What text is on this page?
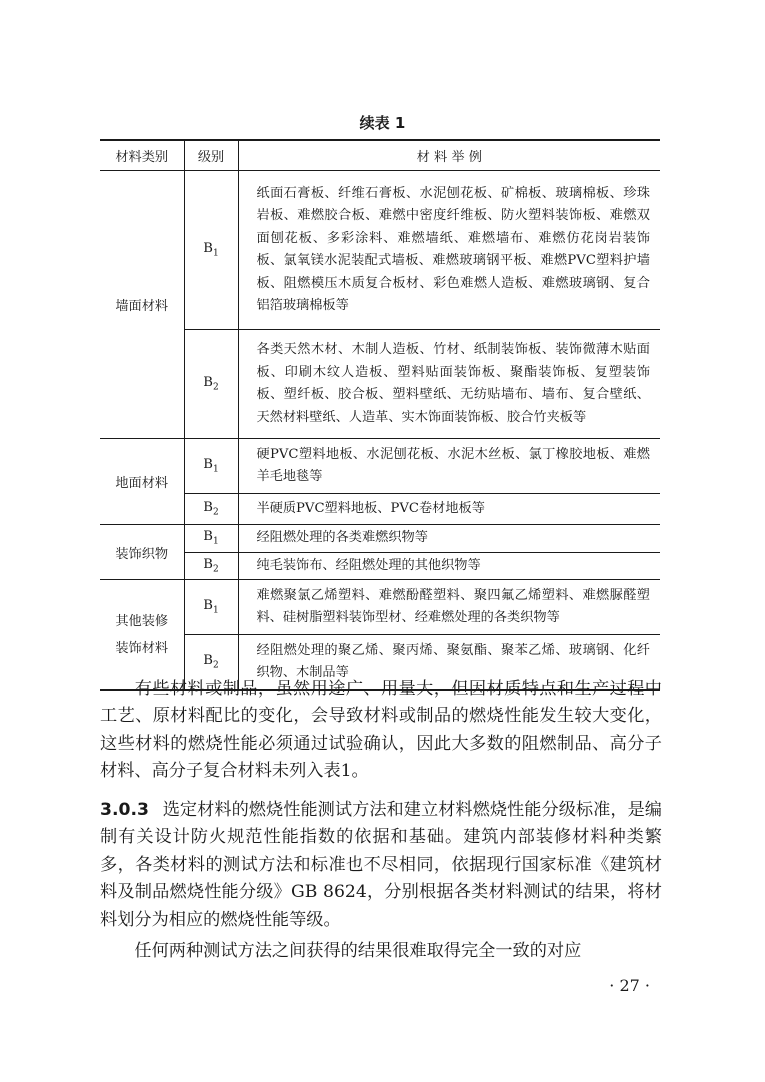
续表 1
材料类别	级别	材 料 举 例
墙面材料	$B_1$	纸面石膏板、纤维石膏板、水泥刨花板、矿棉板、玻璃棉板、珍珠岩板、难燃胶合板、难燃中密度纤维板、防火塑料装饰板、难燃双面刨花板、多彩涂料、难燃墙纸、难燃墙布、难燃仿花岗岩装饰板、氯氧镁水泥装配式墙板、难燃玻璃钢平板、难燃PVC塑料护墙板、阻燃模压木质复合板材、彩色难燃人造板、难燃玻璃钢、复合铝箔玻璃棉板等
	$B_2$	各类天然木材、木制人造板、竹材、纸制装饰板、装饰微薄木贴面板、印刷木纹人造板、塑料贴面装饰板、聚酯装饰板、复塑装饰板、塑纤板、胶合板、塑料壁纸、无纺贴墙布、墙布、复合壁纸、天然材料壁纸、人造革、实木饰面装饰板、胶合竹夹板等
地面材料	$B_1$	硬PVC塑料地板、水泥刨花板、水泥木丝板、氯丁橡胶地板、难燃羊毛地毯等
	$B_2$	半硬质PVC塑料地板、PVC卷材地板等
装饰织物	$B_1$	经阻燃处理的各类难燃织物等
	$B_2$	纯毛装饰布、经阻燃处理的其他织物等
其他装修
装饰材料	$B_1$	难燃聚氯乙烯塑料、难燃酚醛塑料、聚四氟乙烯塑料、难燃脲醛塑料、硅树脂塑料装饰型材、经难燃处理的各类织物等
	$B_2$	经阻燃处理的聚乙烯、聚丙烯、聚氨酯、聚苯乙烯、玻璃钢、化纤织物、木制品等

有些材料或制品，虽然用途广、用量大，但因材质特点和生产过程中工艺、原材料配比的变化，会导致材料或制品的燃烧性能发生较大变化，这些材料的燃烧性能必须通过试验确认，因此大多数的阻燃制品、高分子材料、高分子复合材料未列入表1。

3.0.3 选定材料的燃烧性能测试方法和建立材料燃烧性能分级标准，是编制有关设计防火规范性能指数的依据和基础。建筑内部装修材料种类繁多，各类材料的测试方法和标准也不尽相同，依据现行国家标准《建筑材料及制品燃烧性能分级》GB 8624，分别根据各类材料测试的结果，将材料划分为相应的燃烧性能等级。

任何两种测试方法之间获得的结果很难取得完全一致的对应

· 27 ·
